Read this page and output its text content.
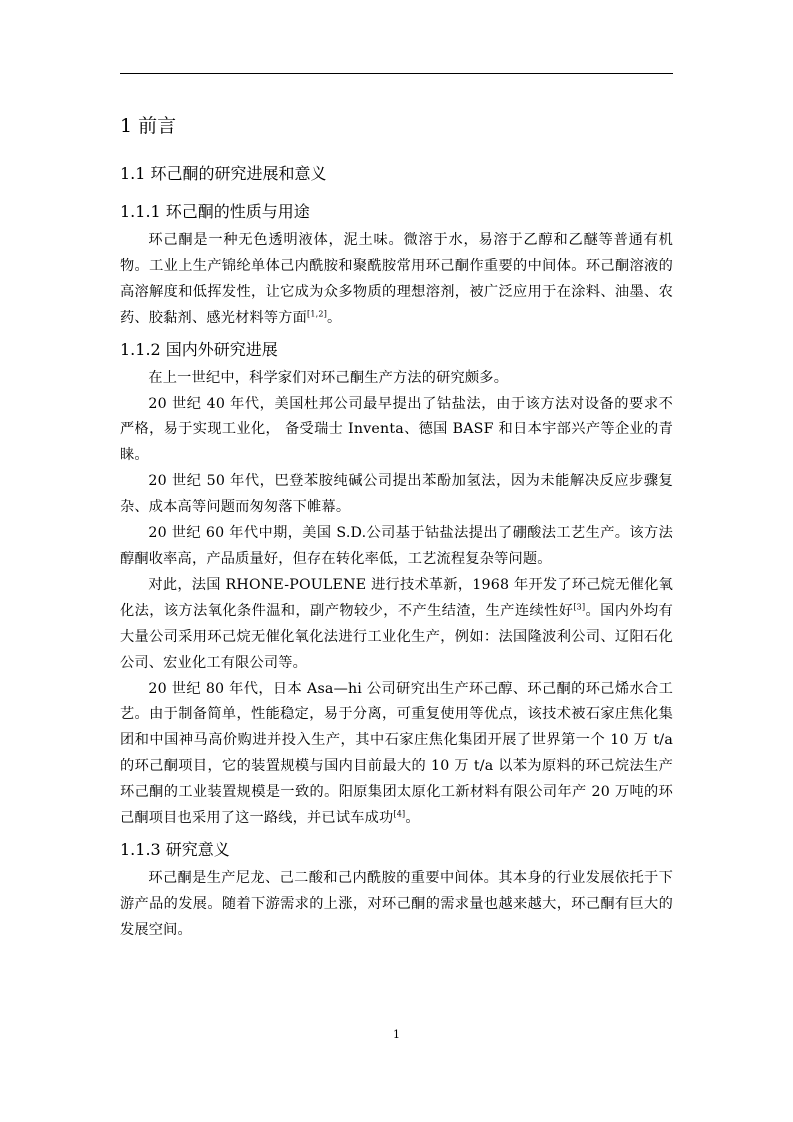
1 前言
1.1 环己酮的研究进展和意义
1.1.1 环己酮的性质与用途

环己酮是一种无色透明液体，泥土味。微溶于水，易溶于乙醇和乙醚等普通有机物。工业上生产锦纶单体己内酰胺和聚酰胺常用环己酮作重要的中间体。环己酮溶液的高溶解度和低挥发性，让它成为众多物质的理想溶剂，被广泛应用于在涂料、油墨、农药、胶黏剂、感光材料等方面[1,2]。

1.1.2 国内外研究进展

在上一世纪中，科学家们对环己酮生产方法的研究颇多。

20 世纪 40 年代，美国杜邦公司最早提出了钴盐法，由于该方法对设备的要求不严格，易于实现工业化， 备受瑞士 Inventa、德国 BASF 和日本宇部兴产等企业的青睐。

20 世纪 50 年代，巴登苯胺纯碱公司提出苯酚加氢法，因为未能解决反应步骤复杂、成本高等问题而匆匆落下帷幕。

20 世纪 60 年代中期，美国 S.D.公司基于钴盐法提出了硼酸法工艺生产。该方法醇酮收率高，产品质量好，但存在转化率低，工艺流程复杂等问题。

对此，法国 RHONE-POULENE 进行技术革新，1968 年开发了环己烷无催化氧化法，该方法氧化条件温和，副产物较少，不产生结渣，生产连续性好[3]。国内外均有大量公司采用环己烷无催化氧化法进行工业化生产，例如：法国隆波利公司、辽阳石化公司、宏业化工有限公司等。

20 世纪 80 年代，日本 Asa—hi 公司研究出生产环己醇、环己酮的环己烯水合工艺。由于制备简单，性能稳定，易于分离，可重复使用等优点，该技术被石家庄焦化集团和中国神马高价购进并投入生产，其中石家庄焦化集团开展了世界第一个 10 万 t/a 的环己酮项目，它的装置规模与国内目前最大的 10 万 t/a 以苯为原料的环己烷法生产环己酮的工业装置规模是一致的。阳原集团太原化工新材料有限公司年产 20 万吨的环己酮项目也采用了这一路线，并已试车成功[4]。

1.1.3 研究意义

环己酮是生产尼龙、己二酸和己内酰胺的重要中间体。其本身的行业发展依托于下游产品的发展。随着下游需求的上涨，对环己酮的需求量也越来越大，环己酮有巨大的发展空间。

1
